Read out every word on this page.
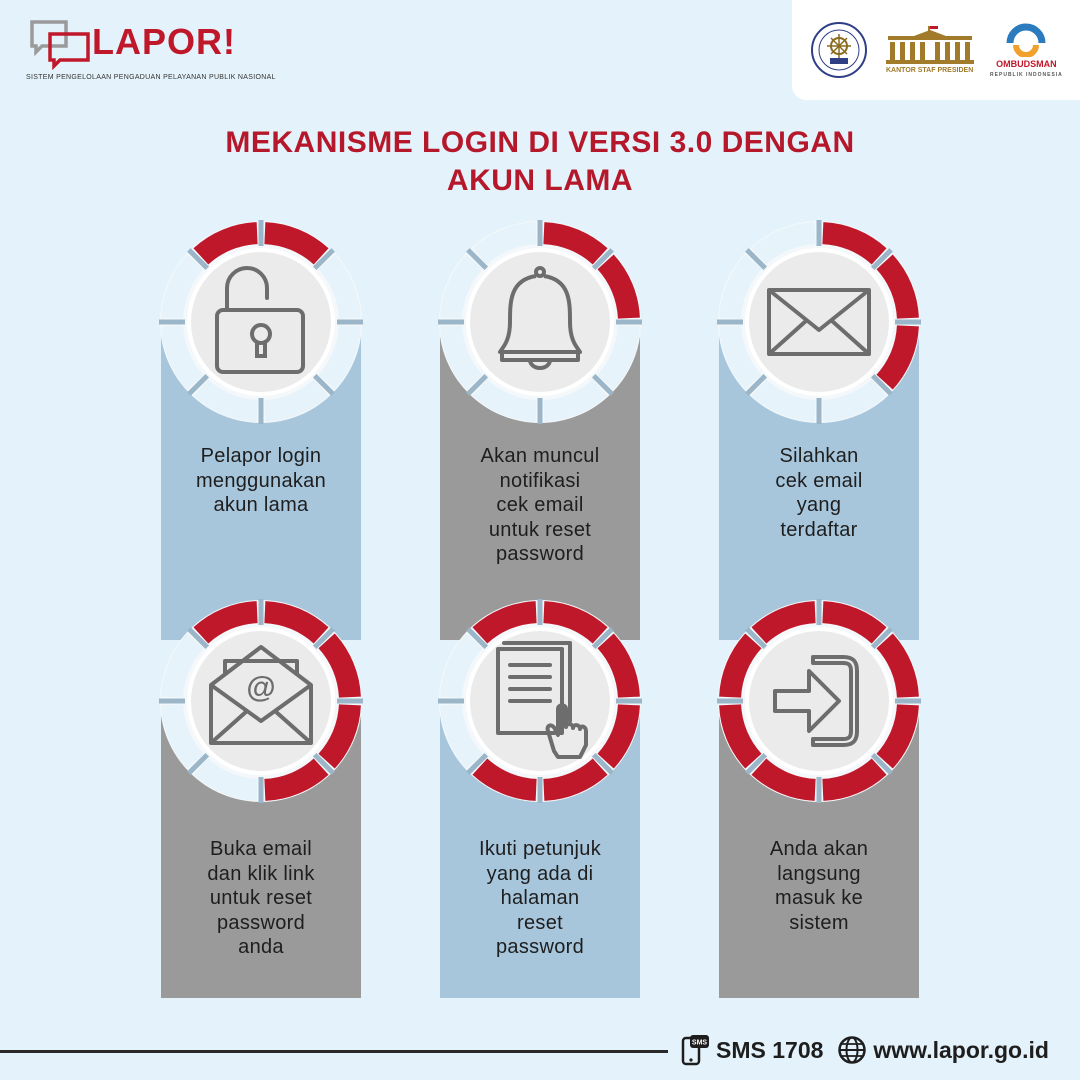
LAPOR!
SISTEM PENGELOLAAN PENGADUAN PELAYANAN PUBLIK NASIONAL
KANTOR STAF PRESIDEN
OMBUDSMAN
REPUBLIK INDONESIA
MEKANISME LOGIN DI VERSI 3.0 DENGAN
AKUN LAMA
@
Pelapor login
menggunakan
akun lama
Akan muncul
notifikasi
cek email
untuk reset
password
Silahkan
cek email
yang
terdaftar
Buka email
dan klik link
untuk reset
password
anda
Ikuti petunjuk
yang ada di
halaman
reset
password
Anda akan
langsung
masuk ke
sistem
SMS SMS 1708 www.lapor.go.id
